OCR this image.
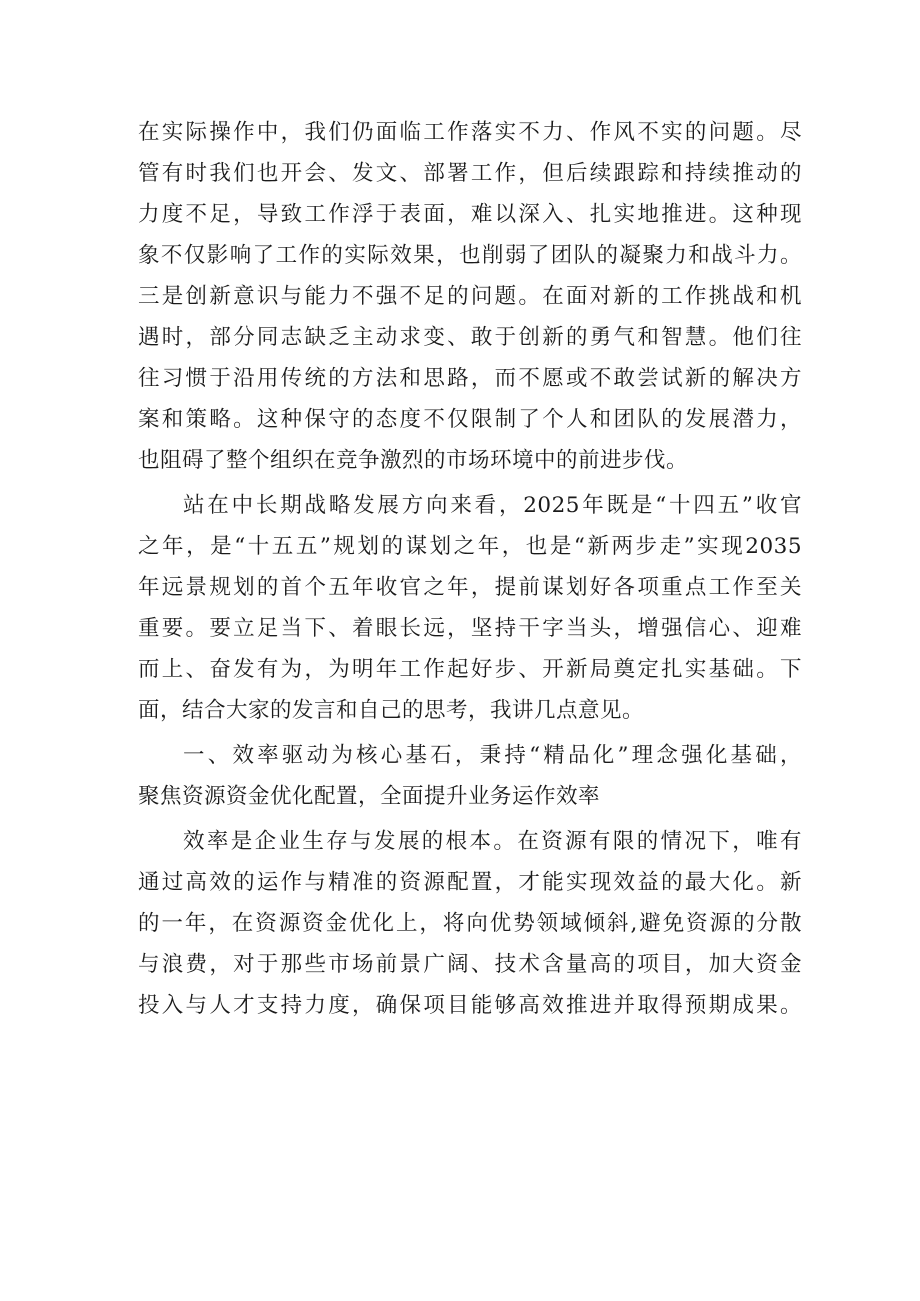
在实际操作中，我们仍面临工作落实不力、作风不实的问题。尽
管有时我们也开会、发文、部署工作，但后续跟踪和持续推动的
力度不足，导致工作浮于表面，难以深入、扎实地推进。这种现
象不仅影响了工作的实际效果，也削弱了团队的凝聚力和战斗力。
三是创新意识与能力不强不足的问题。在面对新的工作挑战和机
遇时，部分同志缺乏主动求变、敢于创新的勇气和智慧。他们往
往习惯于沿用传统的方法和思路，而不愿或不敢尝试新的解决方
案和策略。这种保守的态度不仅限制了个人和团队的发展潜力，
也阻碍了整个组织在竞争激烈的市场环境中的前进步伐。
站在中长期战略发展方向来看，2025年既是“十四五”收官
之年，是“十五五”规划的谋划之年，也是“新两步走”实现2035
年远景规划的首个五年收官之年，提前谋划好各项重点工作至关
重要。要立足当下、着眼长远，坚持干字当头，增强信心、迎难
而上、奋发有为，为明年工作起好步、开新局奠定扎实基础。下
面，结合大家的发言和自己的思考，我讲几点意见。
一、效率驱动为核心基石，秉持“精品化”理念强化基础，
聚焦资源资金优化配置，全面提升业务运作效率
效率是企业生存与发展的根本。在资源有限的情况下，唯有
通过高效的运作与精准的资源配置，才能实现效益的最大化。新
的一年，在资源资金优化上，将向优势领域倾斜,避免资源的分散
与浪费，对于那些市场前景广阔、技术含量高的项目，加大资金
投入与人才支持力度，确保项目能够高效推进并取得预期成果。
